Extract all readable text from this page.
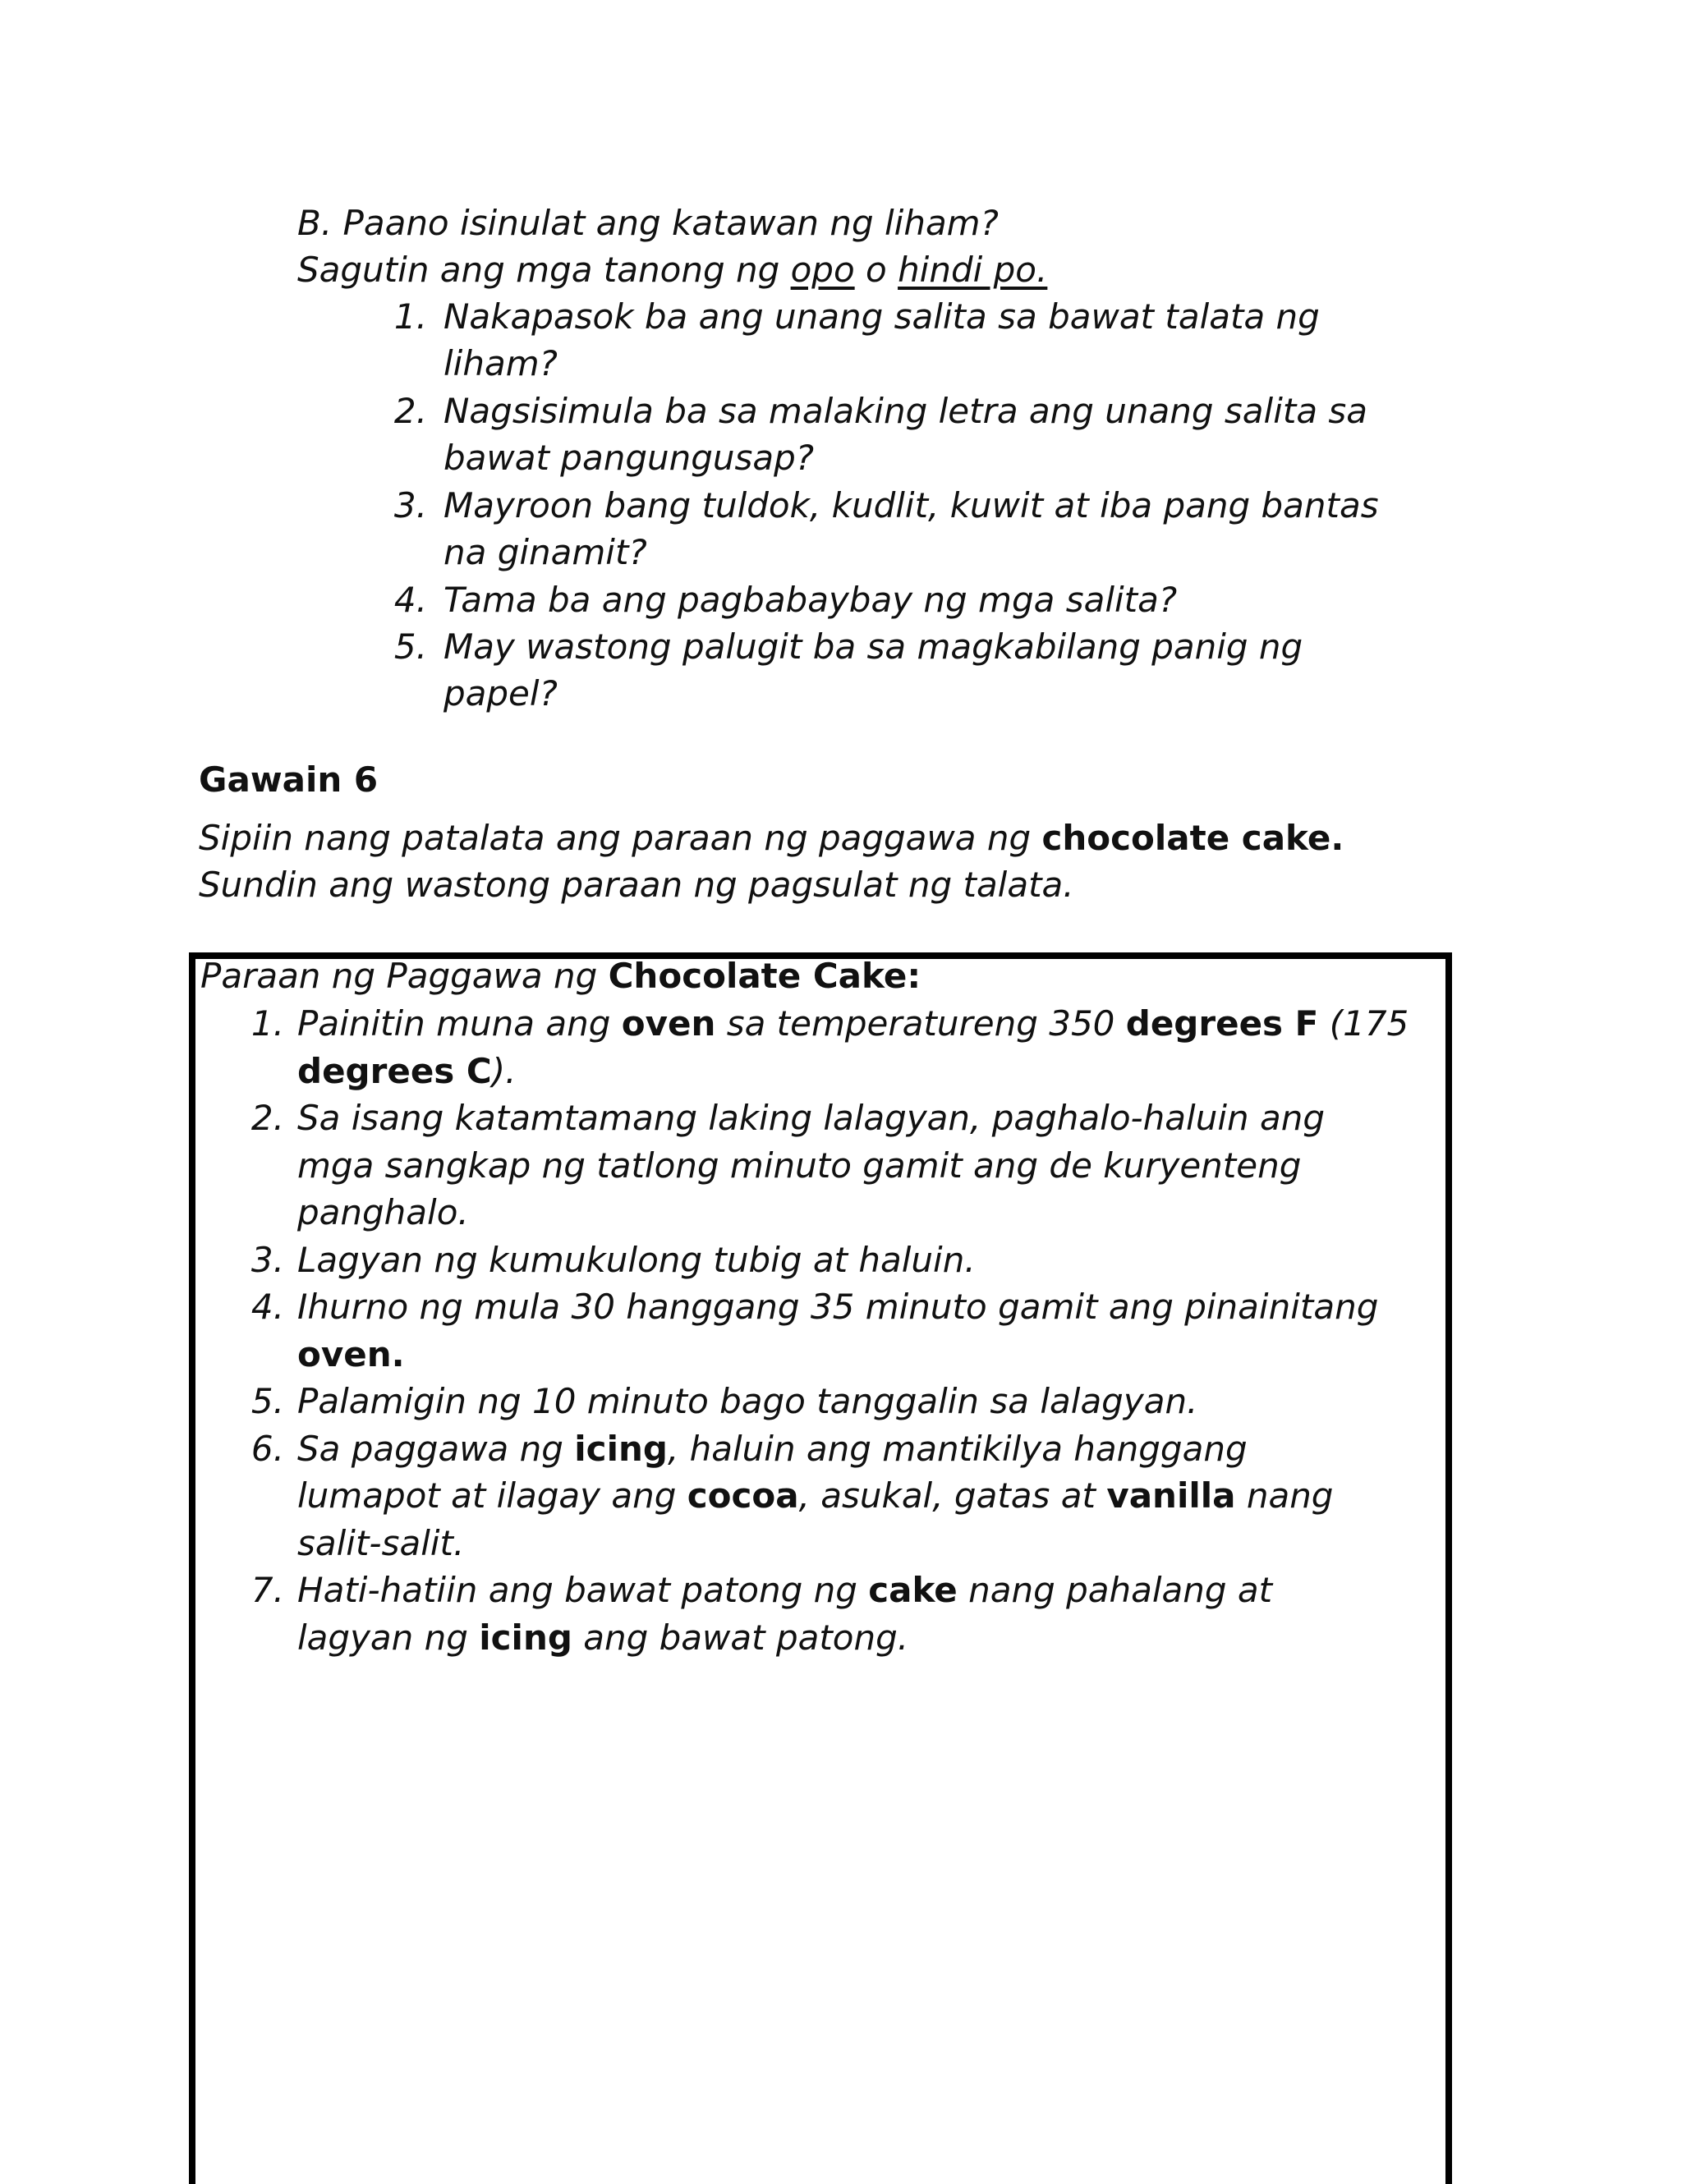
B. Paano isinulat ang katawan ng liham?
Sagutin ang mga tanong ng opo o hindi po.
1. Nakapasok ba ang unang salita sa bawat talata ng
liham?
2. Nagsisimula ba sa malaking letra ang unang salita sa
bawat pangungusap?
3. Mayroon bang tuldok, kudlit, kuwit at iba pang bantas
na ginamit?
4. Tama ba ang pagbabaybay ng mga salita?
5. May wastong palugit ba sa magkabilang panig ng
papel?
Gawain 6
Sipiin nang patalata ang paraan ng paggawa ng chocolate cake.
Sundin ang wastong paraan ng pagsulat ng talata.
Paraan ng Paggawa ng Chocolate Cake:
1. Painitin muna ang oven sa temperatureng 350 degrees F (175
degrees C).
2. Sa isang katamtamang laking lalagyan, paghalo-haluin ang
mga sangkap ng tatlong minuto gamit ang de kuryenteng
panghalo.
3. Lagyan ng kumukulong tubig at haluin.
4. Ihurno ng mula 30 hanggang 35 minuto gamit ang pinainitang
oven.
5. Palamigin ng 10 minuto bago tanggalin sa lalagyan.
6. Sa paggawa ng icing, haluin ang mantikilya hanggang
lumapot at ilagay ang cocoa, asukal, gatas at vanilla nang
salit-salit.
7. Hati-hatiin ang bawat patong ng cake nang pahalang at
lagyan ng icing ang bawat patong.
